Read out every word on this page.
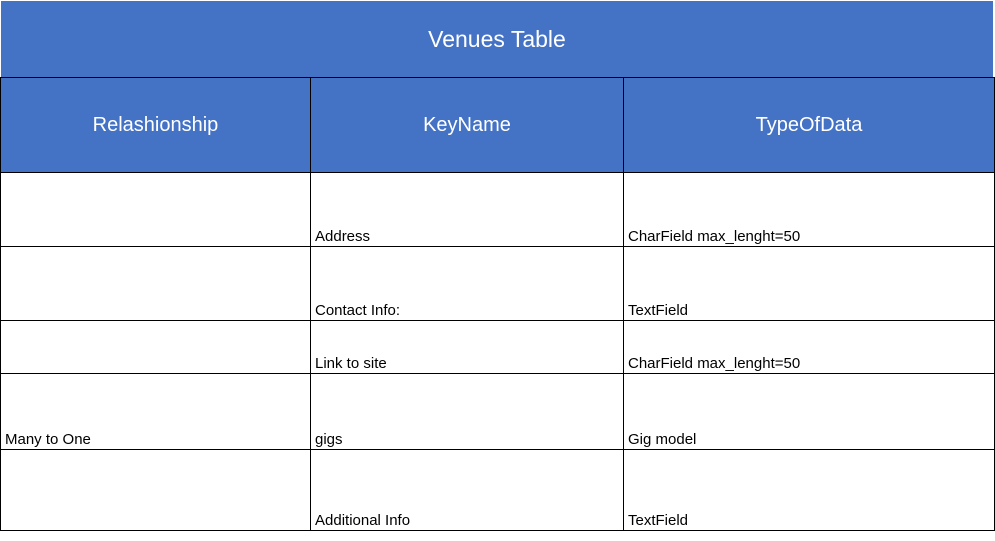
Venues Table
Relashionship	KeyName	TypeOfData

	Address	CharField max_lenght=50

	Contact Info:	TextField

	Link to site	CharField max_lenght=50

Many to One	gigs	Gig model

	Additional Info	TextField
